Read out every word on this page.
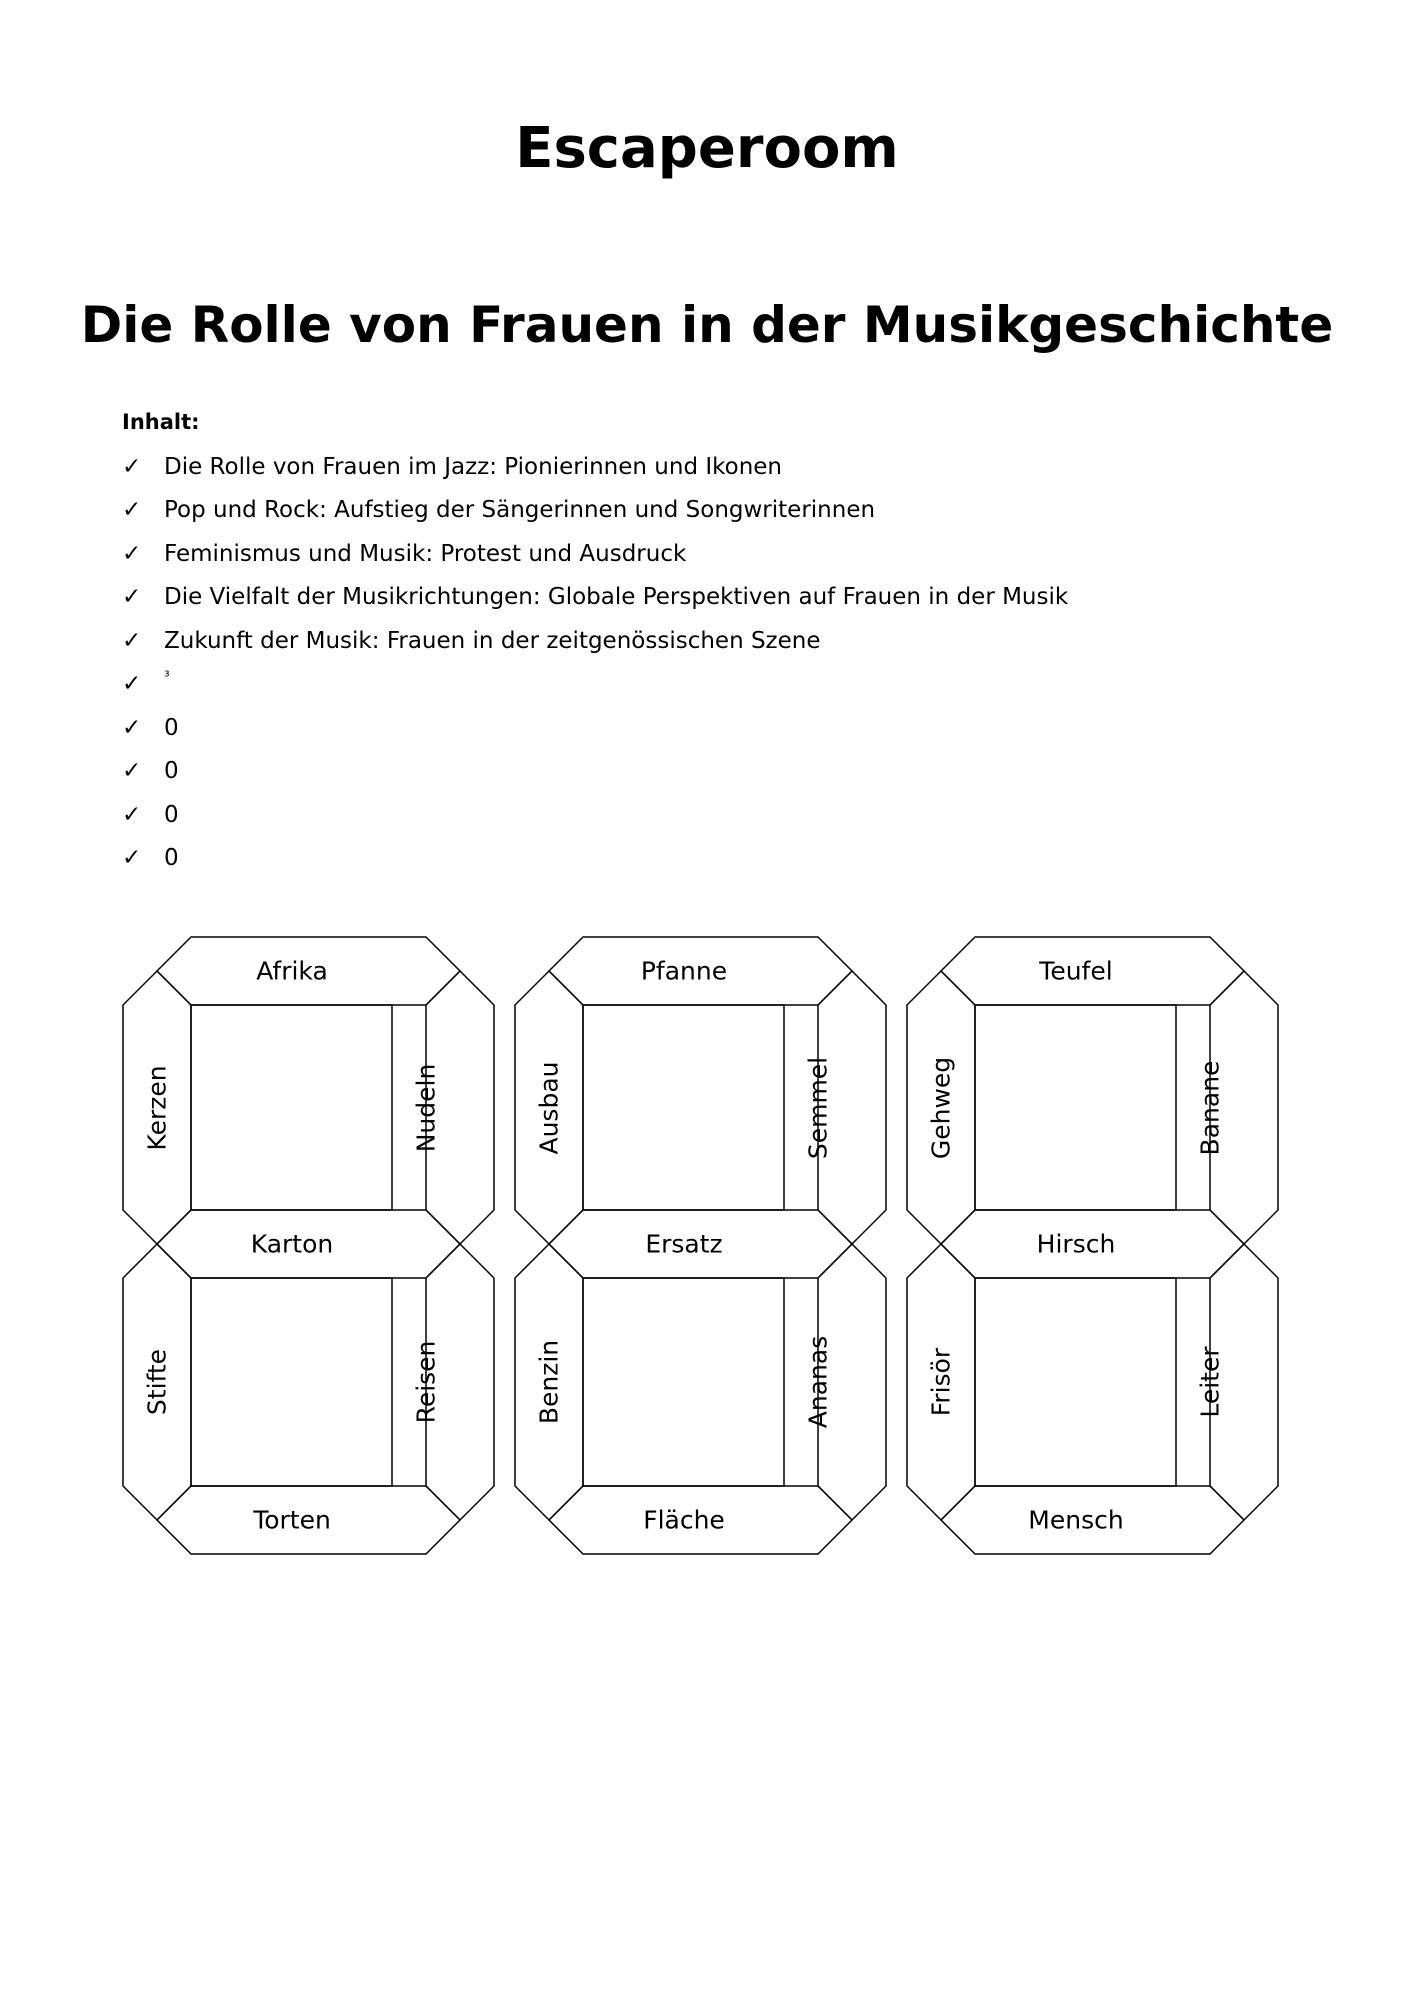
Escaperoom
Die Rolle von Frauen in der Musikgeschichte
Inhalt:
✓ Die Rolle von Frauen im Jazz: Pionierinnen und Ikonen
✓ Pop und Rock: Aufstieg der Sängerinnen und Songwriterinnen
✓ Feminismus und Musik: Protest und Ausdruck
✓ Die Vielfalt der Musikrichtungen: Globale Perspektiven auf Frauen in der Musik
✓ Zukunft der Musik: Frauen in der zeitgenössischen Szene
✓	³
✓ 0
✓ 0
✓ 0
✓ 0
Afrika
Kerzen	Nudeln
Karton
Stifte	Reisen
Torten
Pfanne
Ausbau	Semmel
Ersatz
Benzin	Ananas
Fläche
Teufel
Gehweg	Banane
Hirsch
Frisör	Leiter
Mensch
